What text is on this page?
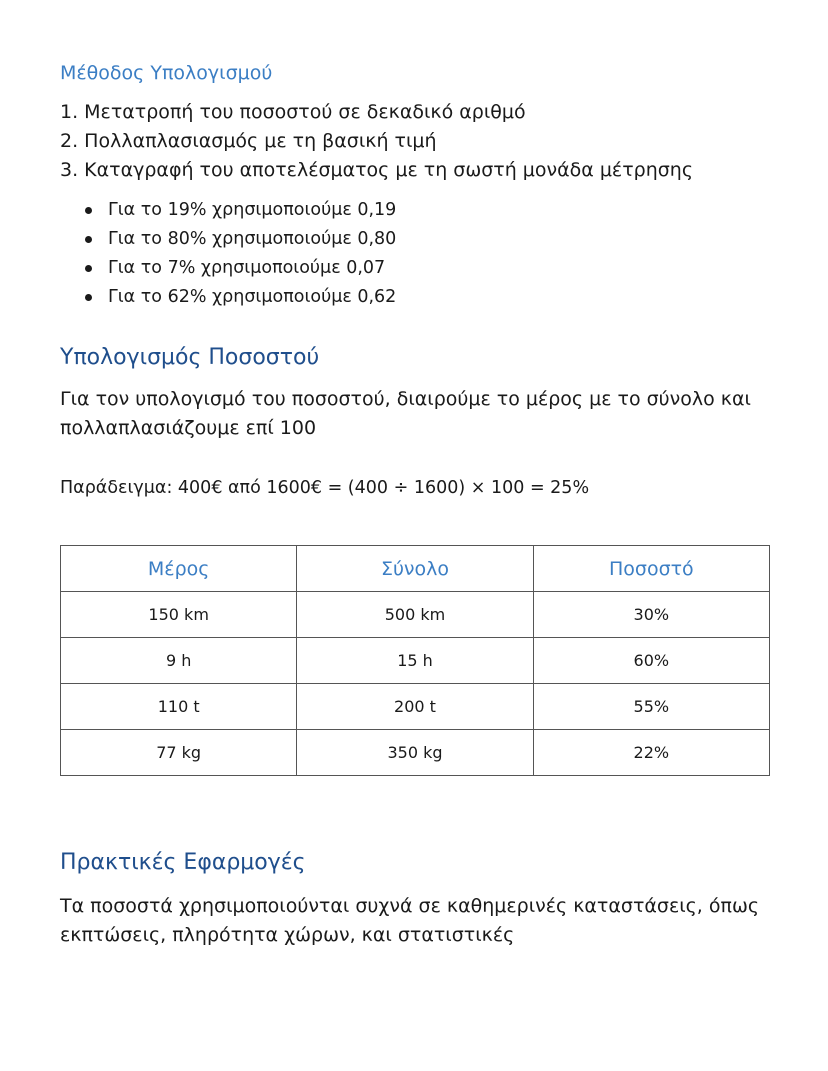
Μέθοδος Υπολογισμού
1. Μετατροπή του ποσοστού σε δεκαδικό αριθμό
2. Πολλαπλασιασμός με τη βασική τιμή
3. Καταγραφή του αποτελέσματος με τη σωστή μονάδα μέτρησης
Για το 19% χρησιμοποιούμε 0,19
Για το 80% χρησιμοποιούμε 0,80
Για το 7% χρησιμοποιούμε 0,07
Για το 62% χρησιμοποιούμε 0,62
Υπολογισμός Ποσοστού

Για τον υπολογισμό του ποσοστού, διαιρούμε το μέρος με το σύνολο και πολλαπλασιάζουμε επί 100

Παράδειγμα: 400€ από 1600€ = (400 ÷ 1600) × 100 = 25%

Μέρος	Σύνολο	Ποσοστό
150 km	500 km	30%
9 h	15 h	60%
110 t	200 t	55%
77 kg	350 kg	22%
Πρακτικές Εφαρμογές

Τα ποσοστά χρησιμοποιούνται συχνά σε καθημερινές καταστάσεις, όπως εκπτώσεις, πληρότητα χώρων, και στατιστικές
